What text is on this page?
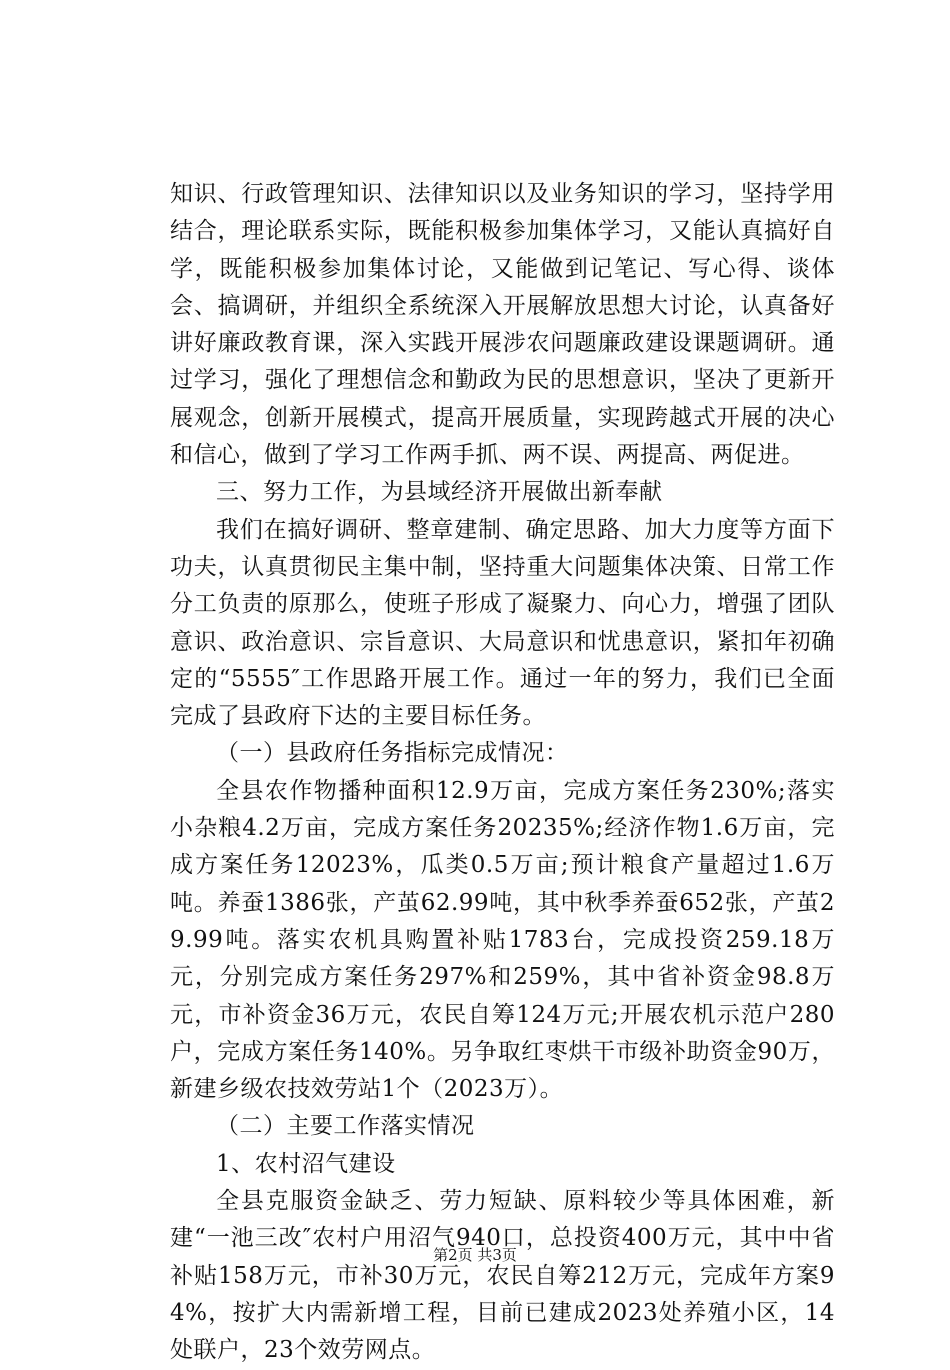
知识、行政管理知识、法律知识以及业务知识的学习，坚持学用结合，理论联系实际，既能积极参加集体学习，又能认真搞好自学，既能积极参加集体讨论，又能做到记笔记、写心得、谈体会、搞调研，并组织全系统深入开展解放思想大讨论，认真备好讲好廉政教育课，深入实践开展涉农问题廉政建设课题调研。通过学习，强化了理想信念和勤政为民的思想意识，坚决了更新开展观念，创新开展模式，提高开展质量，实现跨越式开展的决心和信心，做到了学习工作两手抓、两不误、两提高、两促进。

三、努力工作，为县域经济开展做出新奉献

我们在搞好调研、整章建制、确定思路、加大力度等方面下功夫，认真贯彻民主集中制，坚持重大问题集体决策、日常工作分工负责的原那么，使班子形成了凝聚力、向心力，增强了团队意识、政治意识、宗旨意识、大局意识和忧患意识，紧扣年初确定的“5555″工作思路开展工作。通过一年的努力，我们已全面完成了县政府下达的主要目标任务。

（一）县政府任务指标完成情况：

全县农作物播种面积12.9万亩，完成方案任务230%;落实小杂粮4.2万亩，完成方案任务20235%;经济作物1.6万亩，完成方案任务12023%，瓜类0.5万亩;预计粮食产量超过1.6万吨。养蚕1386张，产茧62.99吨，其中秋季养蚕652张，产茧29.99吨。落实农机具购置补贴1783台，完成投资259.18万元，分别完成方案任务297%和259%，其中省补资金98.8万元，市补资金36万元，农民自筹124万元;开展农机示范户280户，完成方案任务140%。另争取红枣烘干市级补助资金90万，新建乡级农技效劳站1个（2023万）。

（二）主要工作落实情况

1、农村沼气建设

全县克服资金缺乏、劳力短缺、原料较少等具体困难，新建“一池三改″农村户用沼气940口，总投资400万元，其中中省补贴158万元，市补30万元，农民自筹212万元，完成年方案94%，按扩大内需新增工程，目前已建成2023处养殖小区，14处联户，23个效劳网点。

第2页 共3页
